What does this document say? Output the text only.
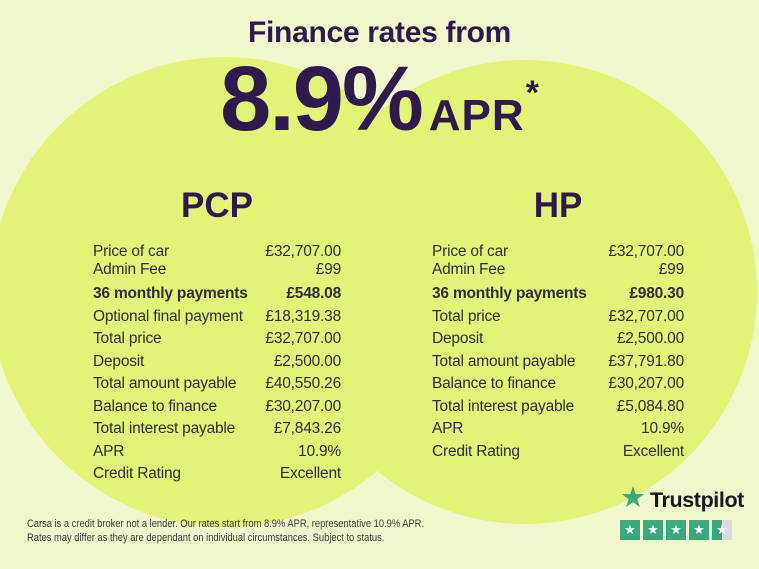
Finance rates from
8.9% APR*
PCP
Price of car	£32,707.00
Admin Fee	£99
36 monthly payments £548.08
Optional final payment £18,319.38
Total price	£32,707.00
Deposit	£2,500.00
Total amount payable £40,550.26
Balance to finance	£30,207.00
Total interest payable	£7,843.26
APR	10.9%
Credit Rating	Excellent
HP
Price of car	£32,707.00
Admin Fee	£99
36 monthly payments	£980.30
Total price	£32,707.00
Deposit	£2,500.00
Total amount payable £37,791.80
Balance to finance	£30,207.00
Total interest payable	£5,084.80
APR	10.9%
Credit Rating	Excellent

Carsa is a credit broker not a lender. Our rates start from 8.9% APR, representative 10.9% APR.
Rates may differ as they are dependant on individual circumstances. Subject to status.

★ Trustpilot
★ ★ ★ ★ ★
